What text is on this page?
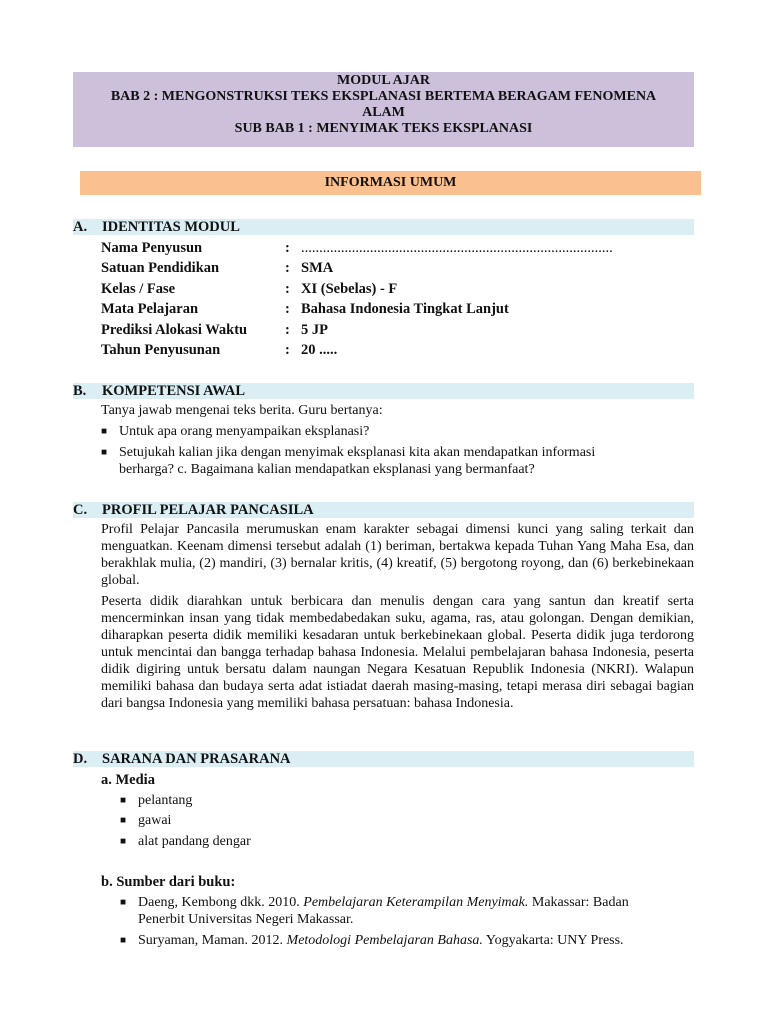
MODUL AJAR
BAB 2 : MENGONSTRUKSI TEKS EKSPLANASI BERTEMA BERAGAM FENOMENA
ALAM
SUB BAB 1 : MENYIMAK TEKS EKSPLANASI
INFORMASI UMUM
A. IDENTITAS MODUL
Nama Penyusun	: ......................................................................................
Satuan Pendidikan	: SMA
Kelas / Fase	: XI (Sebelas) - F
Mata Pelajaran	: Bahasa Indonesia Tingkat Lanjut
Prediksi Alokasi Waktu	: 5 JP
Tahun Penyusunan	: 20 .....
B. KOMPETENSI AWAL
Tanya jawab mengenai teks berita. Guru bertanya:
■ Untuk apa orang menyampaikan eksplanasi?
■ Setujukah kalian jika dengan menyimak eksplanasi kita akan mendapatkan informasi
berharga? c. Bagaimana kalian mendapatkan eksplanasi yang bermanfaat?
C. PROFIL PELAJAR PANCASILA
Profil Pelajar Pancasila merumuskan enam karakter sebagai dimensi kunci yang saling terkait dan menguatkan. Keenam dimensi tersebut adalah (1) beriman, bertakwa kepada Tuhan Yang Maha Esa, dan berakhlak mulia, (2) mandiri, (3) bernalar kritis, (4) kreatif, (5) bergotong royong, dan (6) berkebinekaan global.
Peserta didik diarahkan untuk berbicara dan menulis dengan cara yang santun dan kreatif serta mencerminkan insan yang tidak membedabedakan suku, agama, ras, atau golongan. Dengan demikian, diharapkan peserta didik memiliki kesadaran untuk berkebinekaan global. Peserta didik juga terdorong untuk mencintai dan bangga terhadap bahasa Indonesia. Melalui pembelajaran bahasa Indonesia, peserta didik digiring untuk bersatu dalam naungan Negara Kesatuan Republik Indonesia (NKRI). Walapun memiliki bahasa dan budaya serta adat istiadat daerah masing-masing, tetapi merasa diri sebagai bagian dari bangsa Indonesia yang memiliki bahasa persatuan: bahasa Indonesia.
D. SARANA DAN PRASARANA
a. Media
■ pelantang
■ gawai
■ alat pandang dengar
b. Sumber dari buku:
■ Daeng, Kembong dkk. 2010. Pembelajaran Keterampilan Menyimak. Makassar: Badan
Penerbit Universitas Negeri Makassar.
■ Suryaman, Maman. 2012. Metodologi Pembelajaran Bahasa. Yogyakarta: UNY Press.
